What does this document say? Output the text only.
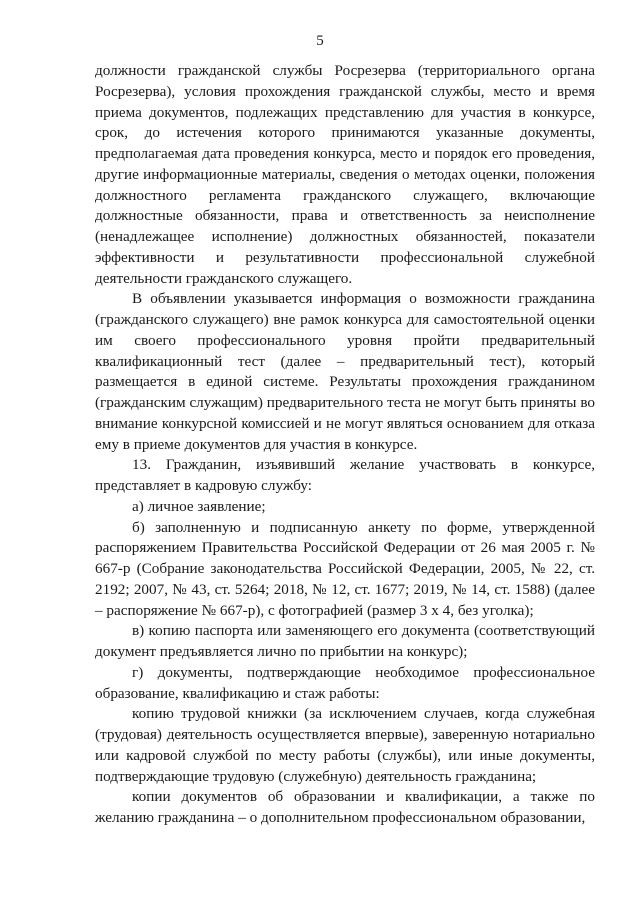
5

должности гражданской службы Росрезерва (территориального органа Росрезерва), условия прохождения гражданской службы, место и время приема документов, подлежащих представлению для участия в конкурсе, срок, до истечения которого принимаются указанные документы, предполагаемая дата проведения конкурса, место и порядок его проведения, другие информационные материалы, сведения о методах оценки, положения должностного регламента гражданского служащего, включающие должностные обязанности, права и ответственность за неисполнение (ненадлежащее исполнение) должностных обязанностей, показатели эффективности и результативности профессиональной служебной деятельности гражданского служащего.

В объявлении указывается информация о возможности гражданина (гражданского служащего) вне рамок конкурса для самостоятельной оценки им своего профессионального уровня пройти предварительный квалификационный тест (далее – предварительный тест), который размещается в единой системе. Результаты прохождения гражданином (гражданским служащим) предварительного теста не могут быть приняты во внимание конкурсной комиссией и не могут являться основанием для отказа ему в приеме документов для участия в конкурсе.

13. Гражданин, изъявивший желание участвовать в конкурсе, представляет в кадровую службу:

а) личное заявление;

б) заполненную и подписанную анкету по форме, утвержденной распоряжением Правительства Российской Федерации от 26 мая 2005 г. № 667-р (Собрание законодательства Российской Федерации, 2005, № 22, ст. 2192; 2007, № 43, ст. 5264; 2018, № 12, ст. 1677; 2019, № 14, ст. 1588) (далее – распоряжение № 667-р), с фотографией (размер 3 х 4, без уголка);

в) копию паспорта или заменяющего его документа (соответствующий документ предъявляется лично по прибытии на конкурс);

г) документы, подтверждающие необходимое профессиональное образование, квалификацию и стаж работы:

копию трудовой книжки (за исключением случаев, когда служебная (трудовая) деятельность осуществляется впервые), заверенную нотариально или кадровой службой по месту работы (службы), или иные документы, подтверждающие трудовую (служебную) деятельность гражданина;

копии документов об образовании и квалификации, а также по желанию гражданина – о дополнительном профессиональном образовании,
